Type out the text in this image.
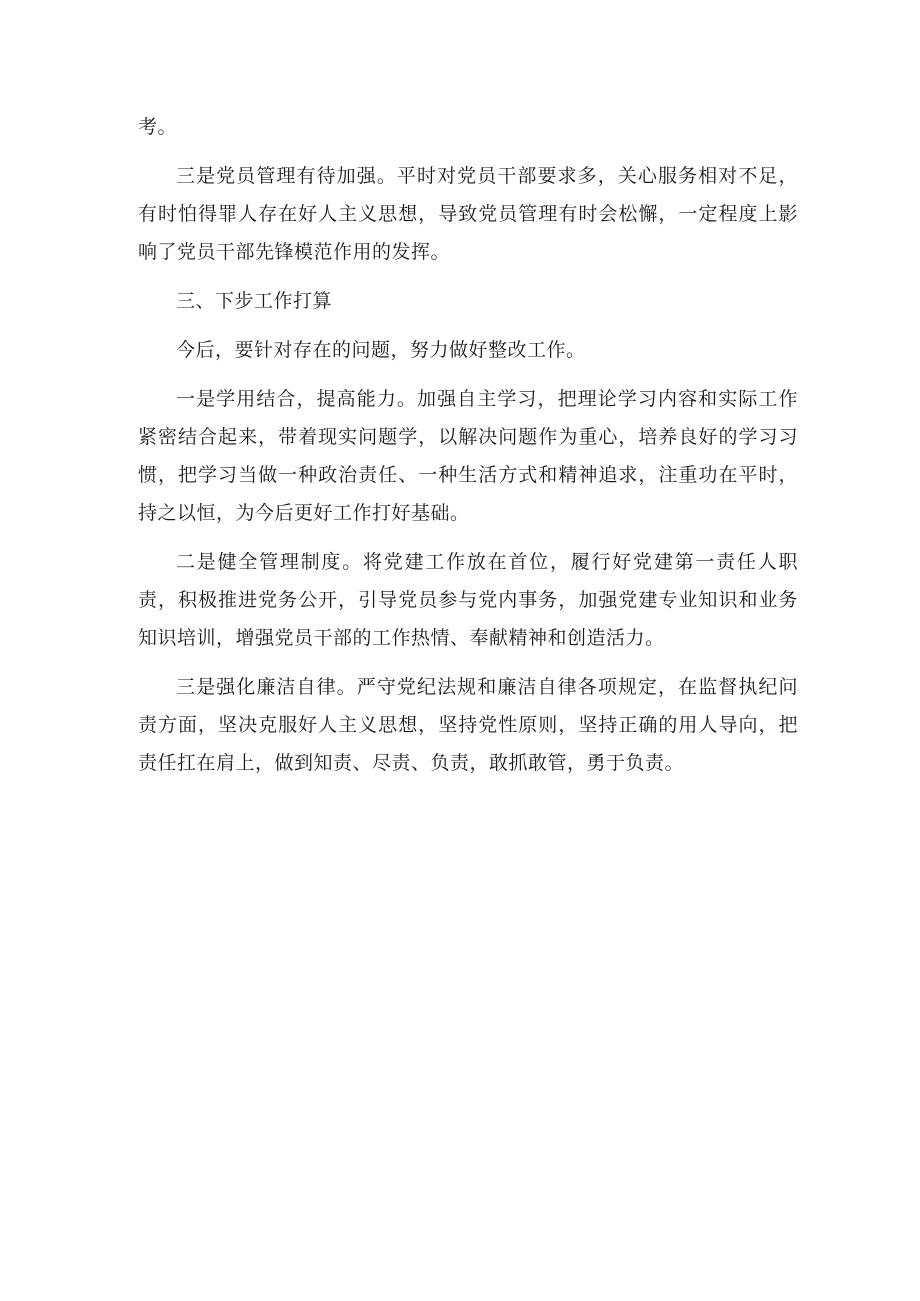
考。

三是党员管理有待加强。平时对党员干部要求多，关心服务相对不足，有时怕得罪人存在好人主义思想，导致党员管理有时会松懈，一定程度上影响了党员干部先锋模范作用的发挥。

三、下步工作打算

今后，要针对存在的问题，努力做好整改工作。

一是学用结合，提高能力。加强自主学习，把理论学习内容和实际工作紧密结合起来，带着现实问题学，以解决问题作为重心，培养良好的学习习惯，把学习当做一种政治责任、一种生活方式和精神追求，注重功在平时，持之以恒，为今后更好工作打好基础。

二是健全管理制度。将党建工作放在首位，履行好党建第一责任人职责，积极推进党务公开，引导党员参与党内事务，加强党建专业知识和业务知识培训，增强党员干部的工作热情、奉献精神和创造活力。

三是强化廉洁自律。严守党纪法规和廉洁自律各项规定，在监督执纪问责方面，坚决克服好人主义思想，坚持党性原则，坚持正确的用人导向，把责任扛在肩上，做到知责、尽责、负责，敢抓敢管，勇于负责。
